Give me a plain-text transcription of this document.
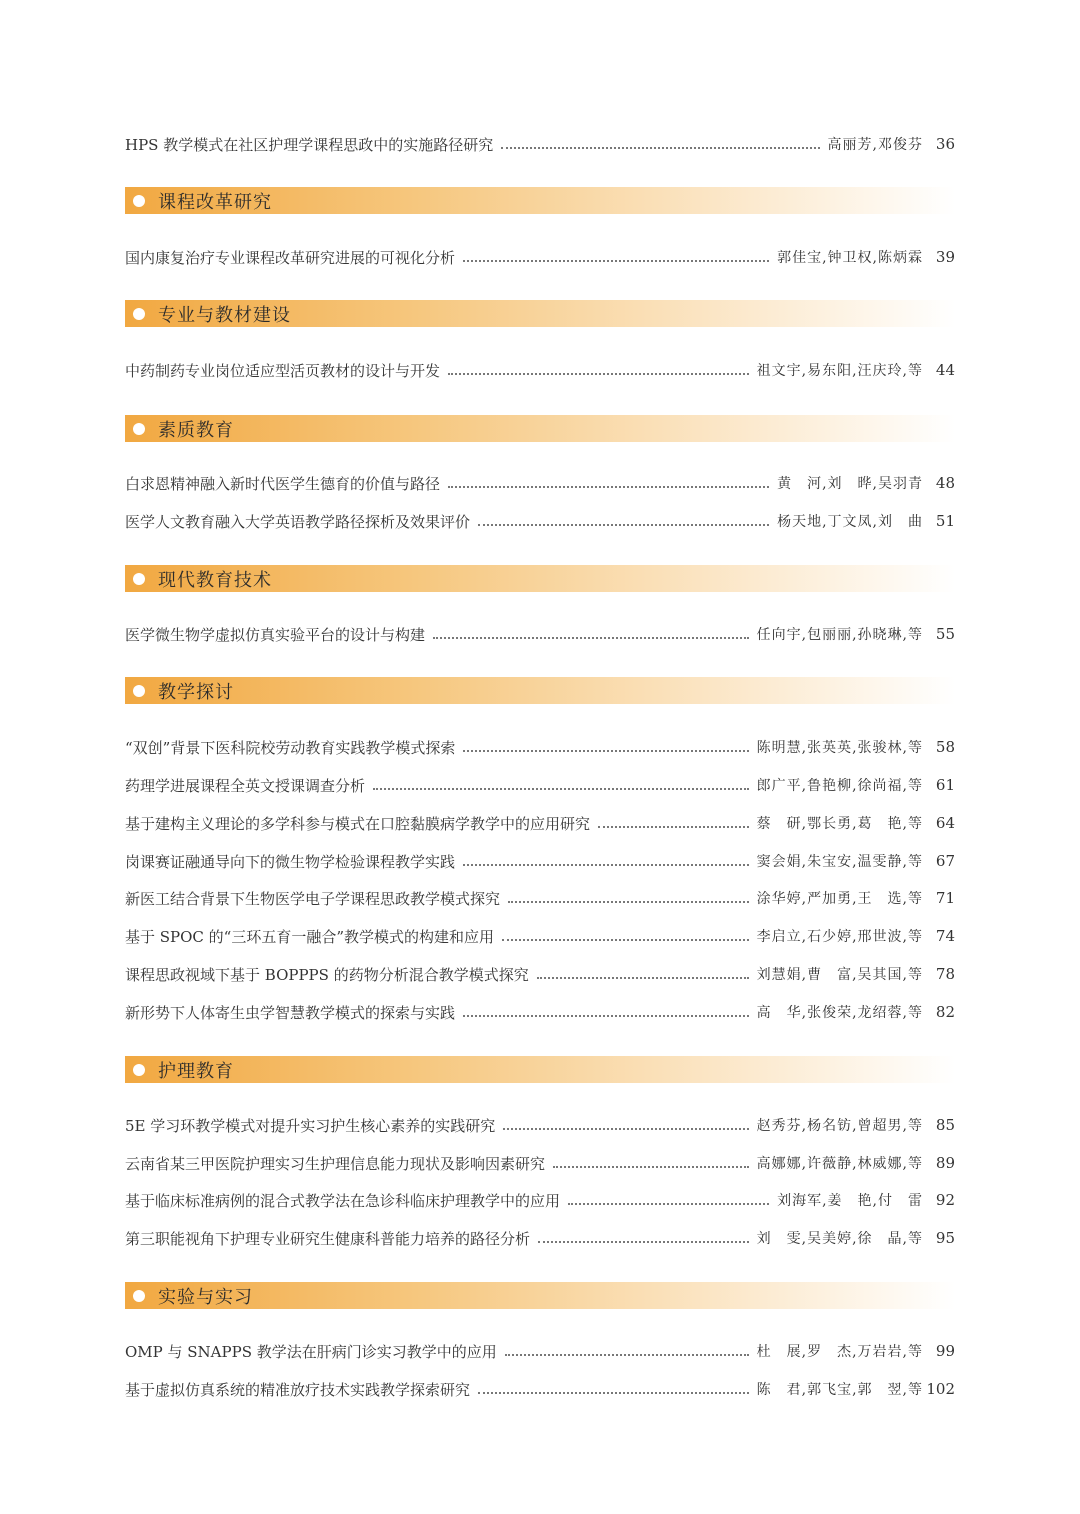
HPS 教学模式在社区护理学课程思政中的实施路径研究	高丽芳,邓俊芬 36
课程改革研究
国内康复治疗专业课程改革研究进展的可视化分析	郭佳宝,钟卫权,陈炳霖 39
专业与教材建设
中药制药专业岗位适应型活页教材的设计与开发	祖文宇,易东阳,汪庆玲,等 44
素质教育
白求恩精神融入新时代医学生德育的价值与路径	黄　河,刘　晔,吴羽青 48
医学人文教育融入大学英语教学路径探析及效果评价	杨天地,丁文凤,刘　曲 51
现代教育技术
医学微生物学虚拟仿真实验平台的设计与构建	任向宇,包丽丽,孙晓琳,等 55
教学探讨
“双创”背景下医科院校劳动教育实践教学模式探索	陈明慧,张英英,张骏林,等 58
药理学进展课程全英文授课调查分析	郎广平,鲁艳柳,徐尚福,等 61
基于建构主义理论的多学科参与模式在口腔黏膜病学教学中的应用研究	蔡　研,鄂长勇,葛　艳,等 64
岗课赛证融通导向下的微生物学检验课程教学实践	窦会娟,朱宝安,温雯静,等 67
新医工结合背景下生物医学电子学课程思政教学模式探究	涂华婷,严加勇,王　选,等 71
基于 SPOC 的“三环五育一融合”教学模式的构建和应用	李启立,石少婷,邢世波,等 74
课程思政视域下基于 BOPPPS 的药物分析混合教学模式探究	刘慧娟,曹　富,吴其国,等 78
新形势下人体寄生虫学智慧教学模式的探索与实践	高　华,张俊荣,龙绍蓉,等 82
护理教育
5E 学习环教学模式对提升实习护生核心素养的实践研究	赵秀芬,杨名钫,曾超男,等 85
云南省某三甲医院护理实习生护理信息能力现状及影响因素研究	高娜娜,许薇静,林威娜,等 89
基于临床标准病例的混合式教学法在急诊科临床护理教学中的应用	刘海军,姜　艳,付　雷 92
第三职能视角下护理专业研究生健康科普能力培养的路径分析	刘　雯,吴美婷,徐　晶,等 95
实验与实习
OMP 与 SNAPPS 教学法在肝病门诊实习教学中的应用	杜　展,罗　杰,万岩岩,等 99
基于虚拟仿真系统的精准放疗技术实践教学探索研究	陈　君,郭飞宝,郭　翌,等 102
